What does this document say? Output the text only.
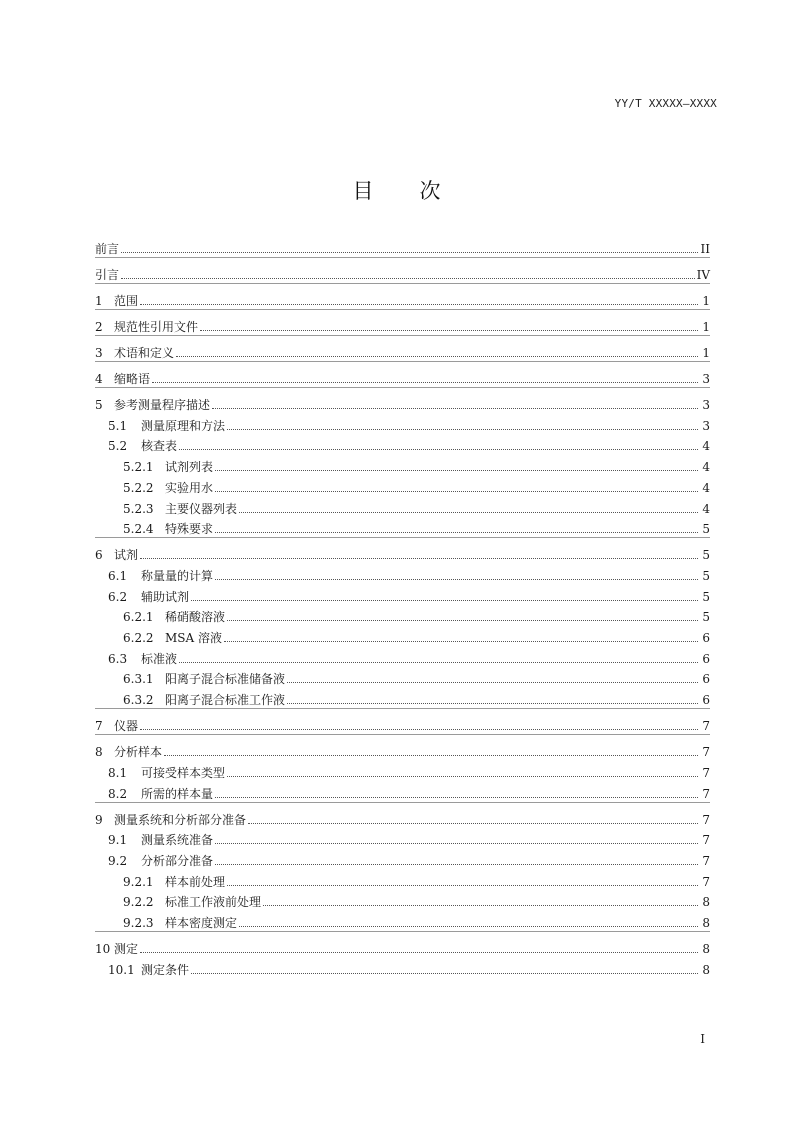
YY/T XXXXX—XXXX
目 次
前言	II
引言	IV
1 范围	1
2 规范性引用文件	1
3 术语和定义	1
4 缩略语	3
5 参考测量程序描述	3
5.1	测量原理和方法	3
5.2	核查表	4
5.2.1 试剂列表	4
5.2.2 实验用水	4
5.2.3 主要仪器列表	4
5.2.4 特殊要求	5
6 试剂	5
6.1	称量量的计算	5
6.2	辅助试剂	5
6.2.1 稀硝酸溶液	5
6.2.2 MSA 溶液	6
6.3	标准液	6
6.3.1 阳离子混合标准储备液	6
6.3.2 阳离子混合标准工作液	6
7 仪器	7
8 分析样本	7
8.1	可接受样本类型	7
8.2	所需的样本量	7
9 测量系统和分析部分准备	7
9.1	测量系统准备	7
9.2	分析部分准备	7
9.2.1 样本前处理	7
9.2.2 标准工作液前处理	8
9.2.3 样本密度测定	8
10 测定	8
10.1 测定条件	8
I
